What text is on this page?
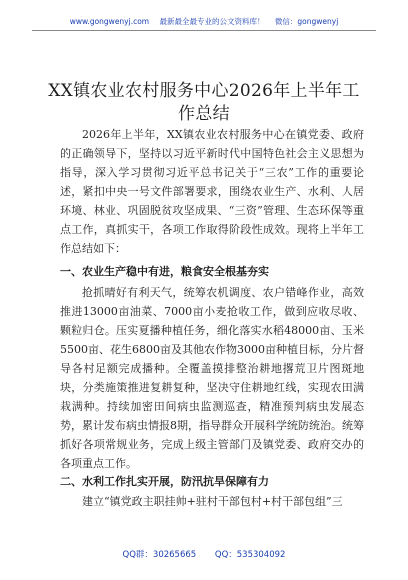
www.gongwenyj.com 最新最全最专业的公文资料库！ 微信：gongwenyj
XX镇农业农村服务中心2026年上半年工作总结
2026年上半年，XX镇农业农村服务中心在镇党委、政府的正确领导下，坚持以习近平新时代中国特色社会主义思想为指导，深入学习贯彻习近平总书记关于“三农”工作的重要论述，紧扣中央一号文件部署要求，围绕农业生产、水利、人居环境、林业、巩固脱贫攻坚成果、“三资”管理、生态环保等重点工作，真抓实干，各项工作取得阶段性成效。现将上半年工作总结如下：
一、农业生产稳中有进，粮食安全根基夯实
抢抓晴好有利天气，统筹农机调度、农户错峰作业，高效推进13000亩油菜、7000亩小麦抢收工作，做到应收尽收、颗粒归仓。压实夏播种植任务，细化落实水稻48000亩、玉米5500亩、花生6800亩及其他农作物3000亩种植目标，分片督导各村足额完成播种。全覆盖摸排整治耕地撂荒卫片图斑地块，分类施策推进复耕复种，坚决守住耕地红线，实现农田满栽满种。持续加密田间病虫监测巡查，精准预判病虫发展态势，累计发布病虫情报8期，指导群众开展科学统防统治。统筹抓好各项常规业务，完成上级主管部门及镇党委、政府交办的各项重点工作。
二、水利工作扎实开展，防汛抗旱保障有力
建立“镇党政主职挂帅+驻村干部包村+村干部包组”三
QQ群：30265665 QQ：535304092
